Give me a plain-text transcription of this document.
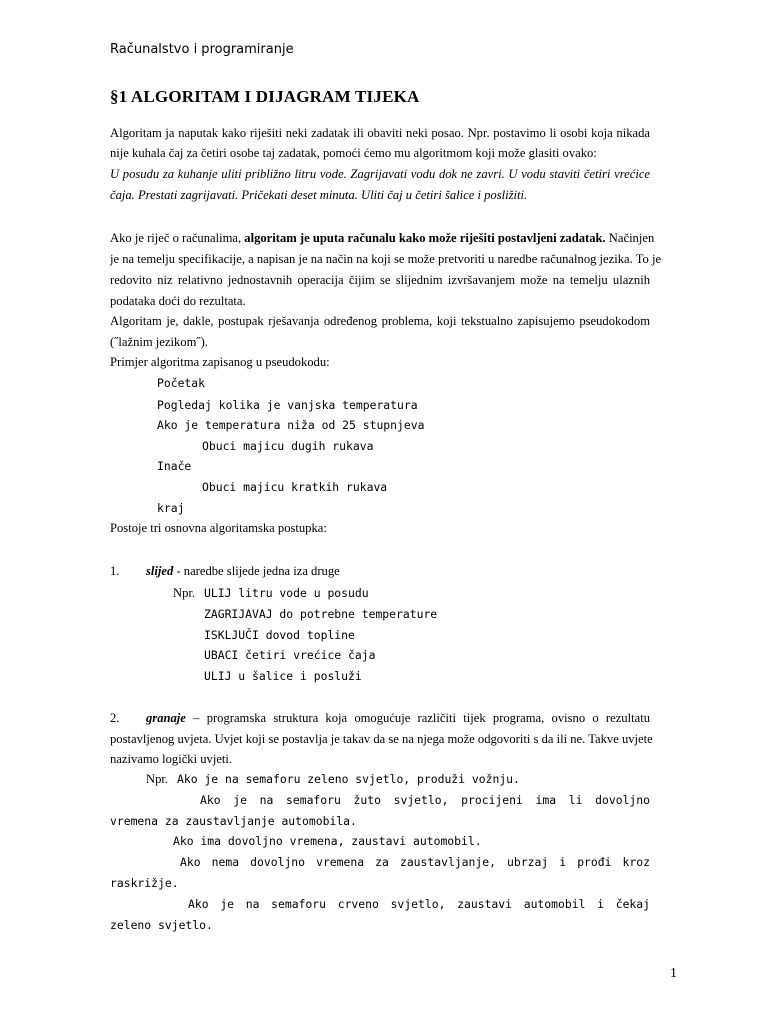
Računalstvo i programiranje
§1 ALGORITAM I DIJAGRAM TIJEKA
Algoritam ja naputak kako riješiti neki zadatak ili obaviti neki posao. Npr. postavimo li osobi koja nikada
nije kuhala čaj za četiri osobe taj zadatak, pomoći ćemo mu algoritmom koji može glasiti ovako:
U posudu za kuhanje uliti približno litru vode. Zagrijavati vodu dok ne zavri. U vodu staviti četiri vrećice
čaja. Prestati zagrijavati. Pričekati deset minuta. Uliti čaj u četiri šalice i posližiti.
Ako je riječ o računalima, algoritam je uputa računalu kako može riješiti postavljeni zadatak. Načinjen
je na temelju specifikacije, a napisan je na način na koji se može pretvoriti u naredbe računalnog jezika. To je
redovito niz relativno jednostavnih operacija čijim se slijednim izvršavanjem može na temelju ulaznih
podataka doći do rezultata.
Algoritam je, dakle, postupak rješavanja određenog problema, koji tekstualno zapisujemo pseudokodom
(˝lažnim jezikom˝).
Primjer algoritma zapisanog u pseudokodu:
Početak
Pogledaj kolika je vanjska temperatura
Ako je temperatura niža od 25 stupnjeva
Obuci majicu dugih rukava
Inače
Obuci majicu kratkih rukava
kraj
Postoje tri osnovna algoritamska postupka:
1. slijed - naredbe slijede jedna iza druge
Npr. ULIJ litru vode u posudu
ZAGRIJAVAJ do potrebne temperature
ISKLJUČI dovod topline
UBACI četiri vrećice čaja
ULIJ u šalice i posluži
2. granaje – programska struktura koja omogućuje različiti tijek programa, ovisno o rezultatu
postavljenog uvjeta. Uvjet koji se postavlja je takav da se na njega može odgovoriti s da ili ne. Takve uvjete
nazivamo logički uvjeti.
Npr. Ako je na semaforu zeleno svjetlo, produži vožnju.
Ako je na semaforu žuto svjetlo, procijeni ima li dovoljno
vremena za zaustavljanje automobila.
Ako ima dovoljno vremena, zaustavi automobil.
Ako nema dovoljno vremena za zaustavljanje, ubrzaj i prođi kroz
raskrižje.
Ako je na semaforu crveno svjetlo, zaustavi automobil i čekaj
zeleno svjetlo.
1
